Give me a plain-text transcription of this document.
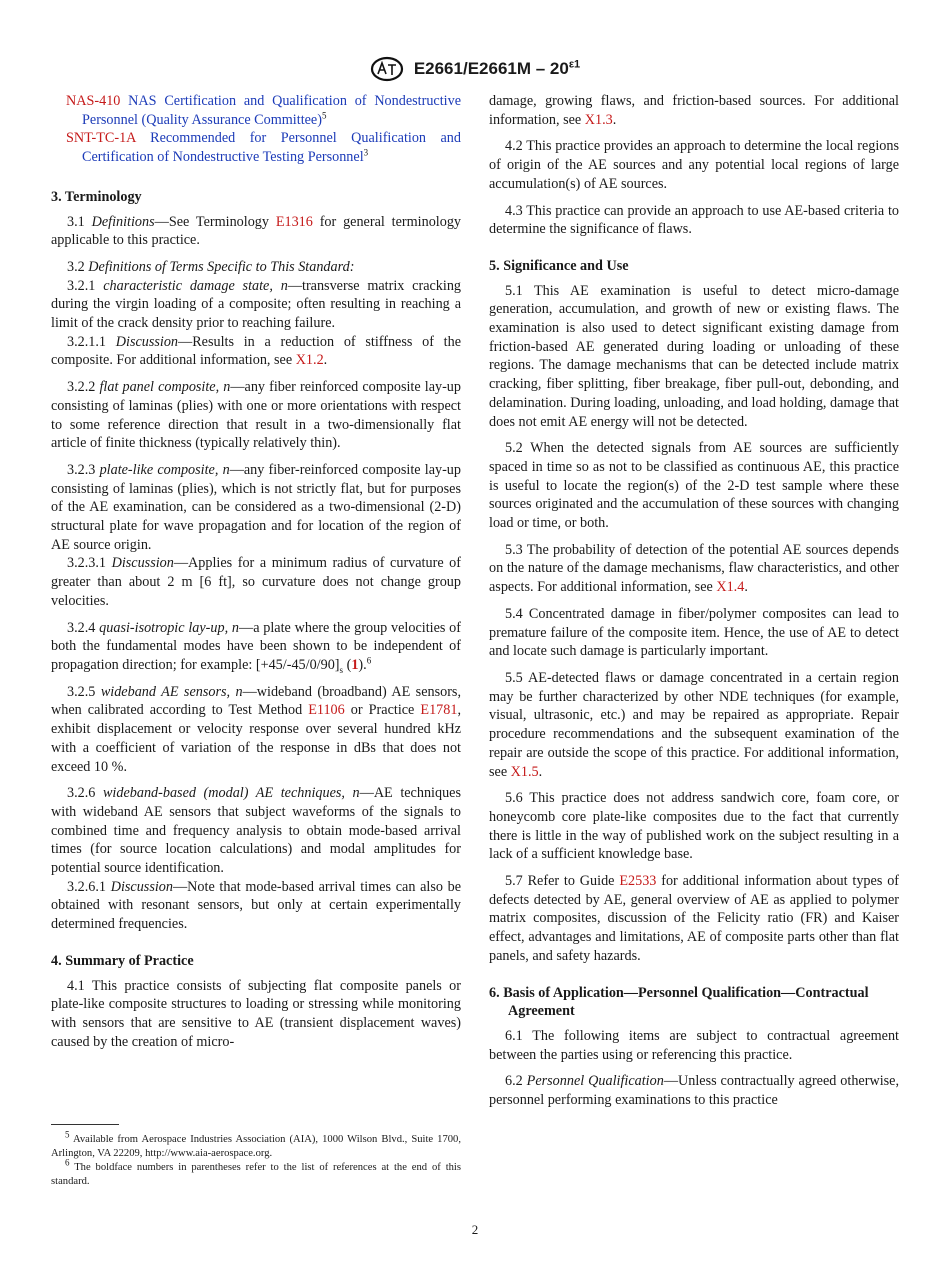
$E2661/E2661M - 20^{\varepsilon 1}$

NAS-410 NAS Certification and Qualification of Nondestructive Personnel (Quality Assurance Committee)$^5$

SNT-TC-1A Recommended for Personnel Qualification and Certification of Nondestructive Testing Personnel$^3$

3. Terminology

3.1 Definitions—See Terminology E1316 for general terminology applicable to this practice.

3.2 Definitions of Terms Specific to This Standard:

3.2.1 characteristic damage state, n—transverse matrix cracking during the virgin loading of a composite; often resulting in reaching a limit of the crack density prior to reaching failure.

3.2.1.1 Discussion—Results in a reduction of stiffness of the composite. For additional information, see X1.2.

3.2.2 flat panel composite, n—any fiber reinforced composite lay-up consisting of laminas (plies) with one or more orientations with respect to some reference direction that result in a two-dimensionally flat article of finite thickness (typically relatively thin).

3.2.3 plate-like composite, n—any fiber-reinforced composite lay-up consisting of laminas (plies), which is not strictly flat, but for purposes of the AE examination, can be considered as a two-dimensional (2-D) structural plate for wave propagation and for location of the region of AE source origin.

3.2.3.1 Discussion—Applies for a minimum radius of curvature of greater than about 2 m [6 ft], so curvature does not change group velocities.

3.2.4 quasi-isotropic lay-up, n—a plate where the group velocities of both the fundamental modes have been shown to be independent of propagation direction; for example: $[+45/-45/0/90]_s$ (1).$^6$

3.2.5 wideband AE sensors, n—wideband (broadband) AE sensors, when calibrated according to Test Method E1106 or Practice E1781, exhibit displacement or velocity response over several hundred kHz with a coefficient of variation of the response in dBs that does not exceed 10 %.

3.2.6 wideband-based (modal) AE techniques, n—AE techniques with wideband AE sensors that subject waveforms of the signals to combined time and frequency analysis to obtain mode-based arrival times (for source location calculations) and modal amplitudes for potential source identification.

3.2.6.1 Discussion—Note that mode-based arrival times can also be obtained with resonant sensors, but only at certain experimentally determined frequencies.

4. Summary of Practice

4.1 This practice consists of subjecting flat composite panels or plate-like composite structures to loading or stressing while monitoring with sensors that are sensitive to AE (transient displacement waves) caused by the creation of micro-

damage, growing flaws, and friction-based sources. For additional information, see X1.3.

4.2 This practice provides an approach to determine the local regions of origin of the AE sources and any potential local regions of large accumulation(s) of AE sources.

4.3 This practice can provide an approach to use AE-based criteria to determine the significance of flaws.

5. Significance and Use

5.1 This AE examination is useful to detect micro-damage generation, accumulation, and growth of new or existing flaws. The examination is also used to detect significant existing damage from friction-based AE generated during loading or unloading of these regions. The damage mechanisms that can be detected include matrix cracking, fiber splitting, fiber breakage, fiber pull-out, debonding, and delamination. During loading, unloading, and load holding, damage that does not emit AE energy will not be detected.

5.2 When the detected signals from AE sources are sufficiently spaced in time so as not to be classified as continuous AE, this practice is useful to locate the region(s) of the 2-D test sample where these sources originated and the accumulation of these sources with changing load or time, or both.

5.3 The probability of detection of the potential AE sources depends on the nature of the damage mechanisms, flaw characteristics, and other aspects. For additional information, see X1.4.

5.4 Concentrated damage in fiber/polymer composites can lead to premature failure of the composite item. Hence, the use of AE to detect and locate such damage is particularly important.

5.5 AE-detected flaws or damage concentrated in a certain region may be further characterized by other NDE techniques (for example, visual, ultrasonic, etc.) and may be repaired as appropriate. Repair procedure recommendations and the subsequent examination of the repair are outside the scope of this practice. For additional information, see X1.5.

5.6 This practice does not address sandwich core, foam core, or honeycomb core plate-like composites due to the fact that currently there is little in the way of published work on the subject resulting in a lack of a sufficient knowledge base.

5.7 Refer to Guide E2533 for additional information about types of defects detected by AE, general overview of AE as applied to polymer matrix composites, discussion of the Felicity ratio (FR) and Kaiser effect, advantages and limitations, AE of composite parts other than flat panels, and safety hazards.

6. Basis of Application—Personnel Qualification—Contractual Agreement

6.1 The following items are subject to contractual agreement between the parties using or referencing this practice.

6.2 Personnel Qualification—Unless contractually agreed otherwise, personnel performing examinations to this practice

$^5$ Available from Aerospace Industries Association (AIA), 1000 Wilson Blvd., Suite 1700, Arlington, VA 22209, http://www.aia-aerospace.org.

$^6$ The boldface numbers in parentheses refer to the list of references at the end of this standard.

2
